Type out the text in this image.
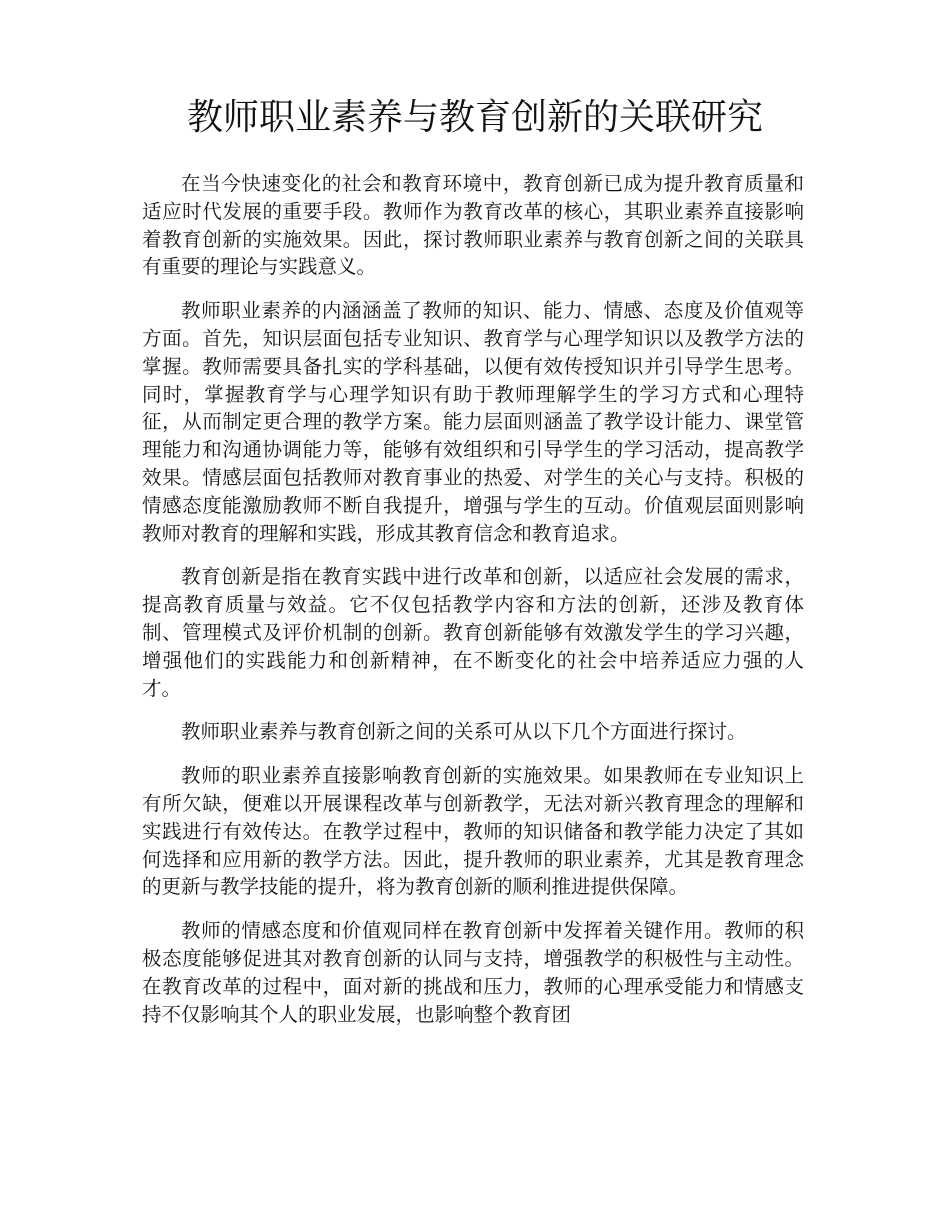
教师职业素养与教育创新的关联研究

在当今快速变化的社会和教育环境中，教育创新已成为提升教育质量和适应时代发展的重要手段。教师作为教育改革的核心，其职业素养直接影响着教育创新的实施效果。因此，探讨教师职业素养与教育创新之间的关联具有重要的理论与实践意义。

教师职业素养的内涵涵盖了教师的知识、能力、情感、态度及价值观等方面。首先，知识层面包括专业知识、教育学与心理学知识以及教学方法的掌握。教师需要具备扎实的学科基础，以便有效传授知识并引导学生思考。同时，掌握教育学与心理学知识有助于教师理解学生的学习方式和心理特征，从而制定更合理的教学方案。能力层面则涵盖了教学设计能力、课堂管理能力和沟通协调能力等，能够有效组织和引导学生的学习活动，提高教学效果。情感层面包括教师对教育事业的热爱、对学生的关心与支持。积极的情感态度能激励教师不断自我提升，增强与学生的互动。价值观层面则影响教师对教育的理解和实践，形成其教育信念和教育追求。

教育创新是指在教育实践中进行改革和创新，以适应社会发展的需求，提高教育质量与效益。它不仅包括教学内容和方法的创新，还涉及教育体制、管理模式及评价机制的创新。教育创新能够有效激发学生的学习兴趣，增强他们的实践能力和创新精神，在不断变化的社会中培养适应力强的人才。

教师职业素养与教育创新之间的关系可从以下几个方面进行探讨。

教师的职业素养直接影响教育创新的实施效果。如果教师在专业知识上有所欠缺，便难以开展课程改革与创新教学，无法对新兴教育理念的理解和实践进行有效传达。在教学过程中，教师的知识储备和教学能力决定了其如何选择和应用新的教学方法。因此，提升教师的职业素养，尤其是教育理念的更新与教学技能的提升，将为教育创新的顺利推进提供保障。

教师的情感态度和价值观同样在教育创新中发挥着关键作用。教师的积极态度能够促进其对教育创新的认同与支持，增强教学的积极性与主动性。在教育改革的过程中，面对新的挑战和压力，教师的心理承受能力和情感支持不仅影响其个人的职业发展，也影响整个教育团
